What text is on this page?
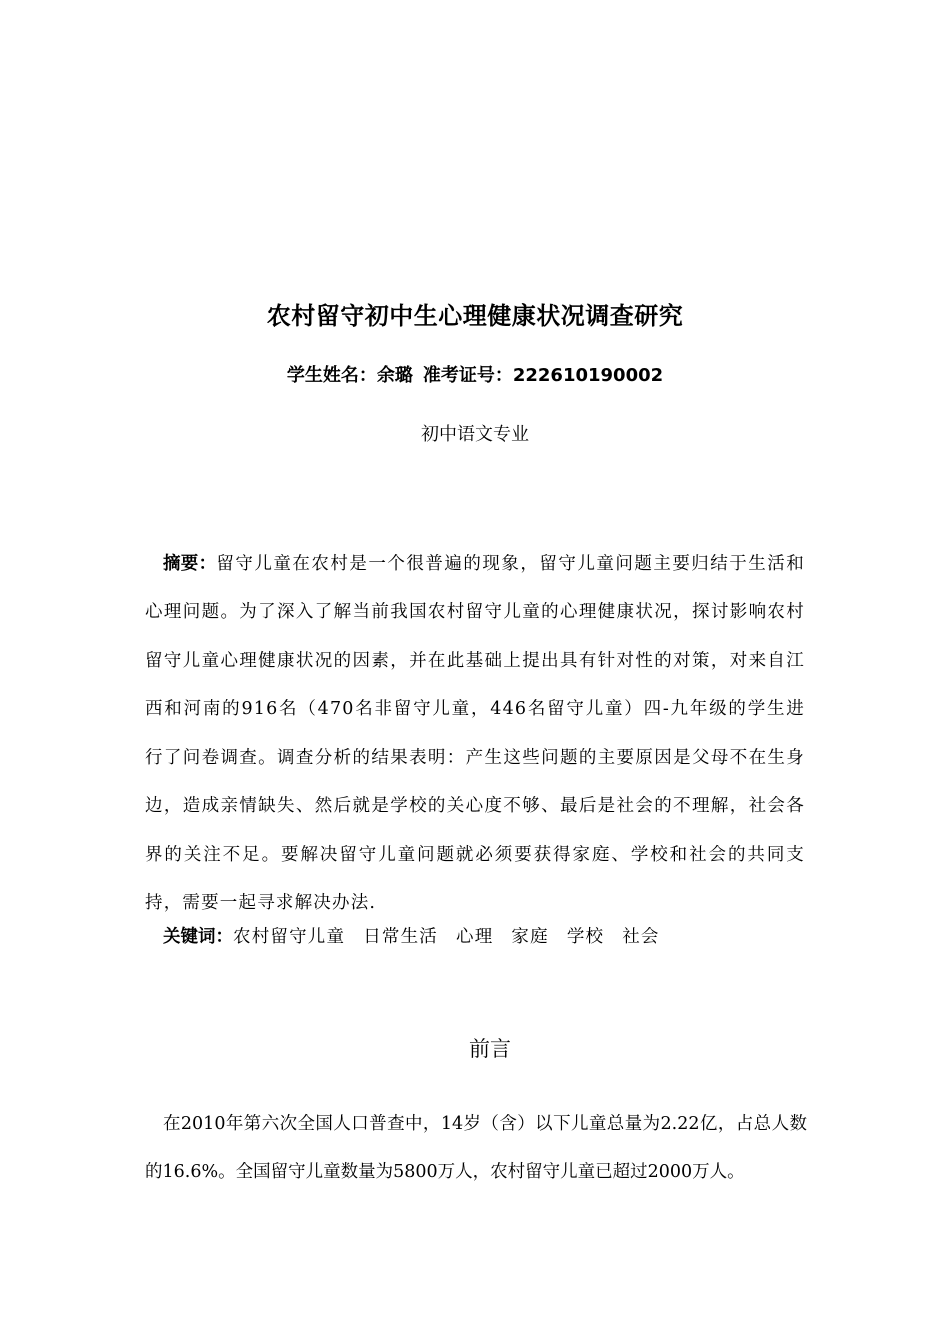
农村留守初中生心理健康状况调查研究
学生姓名：余璐 准考证号：222610190002
初中语文专业

摘要：留守儿童在农村是一个很普遍的现象，留守儿童问题主要归结于生活和心理问题。为了深入了解当前我国农村留守儿童的心理健康状况，探讨影响农村留守儿童心理健康状况的因素，并在此基础上提出具有针对性的对策，对来自江西和河南的916名（470名非留守儿童，446名留守儿童）四-九年级的学生进行了问卷调查。调查分析的结果表明：产生这些问题的主要原因是父母不在生身边，造成亲情缺失、然后就是学校的关心度不够、最后是社会的不理解，社会各界的关注不足。要解决留守儿童问题就必须要获得家庭、学校和社会的共同支持，需要一起寻求解决办法.

关键词：农村留守儿童 日常生活 心理 家庭 学校 社会
前言

在2010年第六次全国人口普查中，14岁（含）以下儿童总量为2.22亿，占总人数的16.6%。全国留守儿童数量为5800万人，农村留守儿童已超过2000万人。
